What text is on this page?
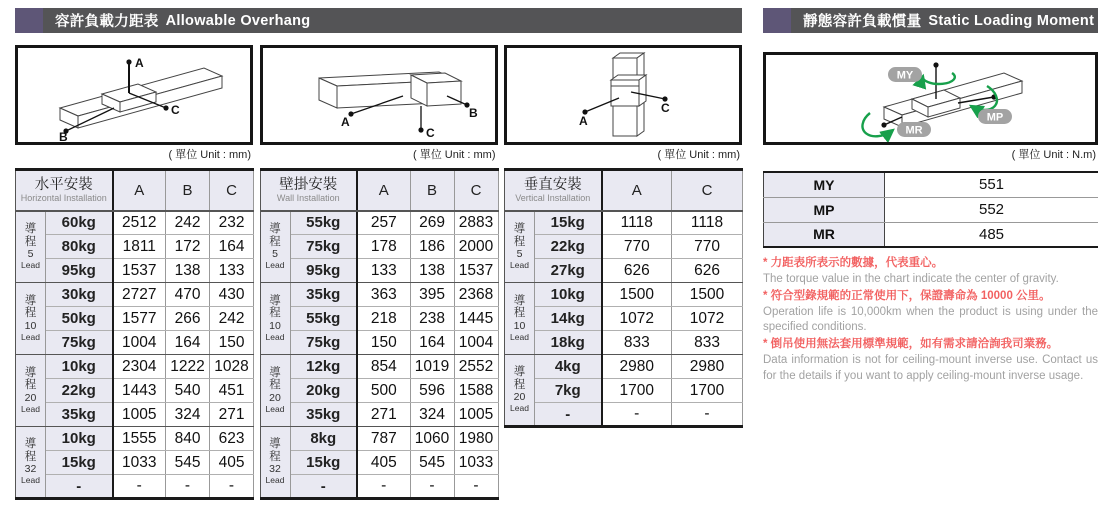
容許負載力距表 Allowable Overhang
A
B
C
( 單位 Unit : mm)
水平安裝
Horizontal Installation		A	B	C

導
程
5
Lead	60kg	2512	242	232
	80kg	1811	172	164
	95kg	1537	138	133

導
程
10
Lead	30kg	2727	470	430
	50kg	1577	266	242
	75kg	1004	164	150

導
程
20
Lead	10kg	2304	1222	1028
	22kg	1443	540	451
	35kg	1005	324	271

導
程
32
Lead	10kg	1555	840	623
	15kg	1033	545	405
	-	-	-	-
A
B
C
( 單位 Unit : mm)
壁掛安裝
Wall Installation		A	B	C

導
程
5
Lead	55kg	257	269	2883
	75kg	178	186	2000
	95kg	133	138	1537

導
程
10
Lead	35kg	363	395	2368
	55kg	218	238	1445
	75kg	150	164	1004

導
程
20
Lead	12kg	854	1019	2552
	20kg	500	596	1588
	35kg	271	324	1005

導
程
32
Lead	8kg	787	1060	1980
	15kg	405	545	1033
	-	-	-	-
A
C
( 單位 Unit : mm)
垂直安裝
Vertical Installation		A	C

導
程
5
Lead	15kg	1118	1118
	22kg	770	770
	27kg	626	626

導
程
10
Lead	10kg	1500	1500
	14kg	1072	1072
	18kg	833	833

導
程
20
Lead	4kg	2980	2980
	7kg	1700	1700
	-	-	-
靜態容許負載慣量 Static Loading Moment
MY
MP
MR
( 單位 Unit : N.m)
MY	551
MP	552
MR	485

* 力距表所表示的數據，代表重心。

The torque value in the chart indicate the center of gravity.

* 符合型錄規範的正常使用下，保證壽命為 10000 公里。

Operation life is 10,000km when the product is using under the specified conditions.

* 倒吊使用無法套用標準規範，如有需求請洽詢我司業務。

Data information is not for ceiling-mount inverse use. Contact us for the details if you want to apply ceiling-mount inverse usage.
